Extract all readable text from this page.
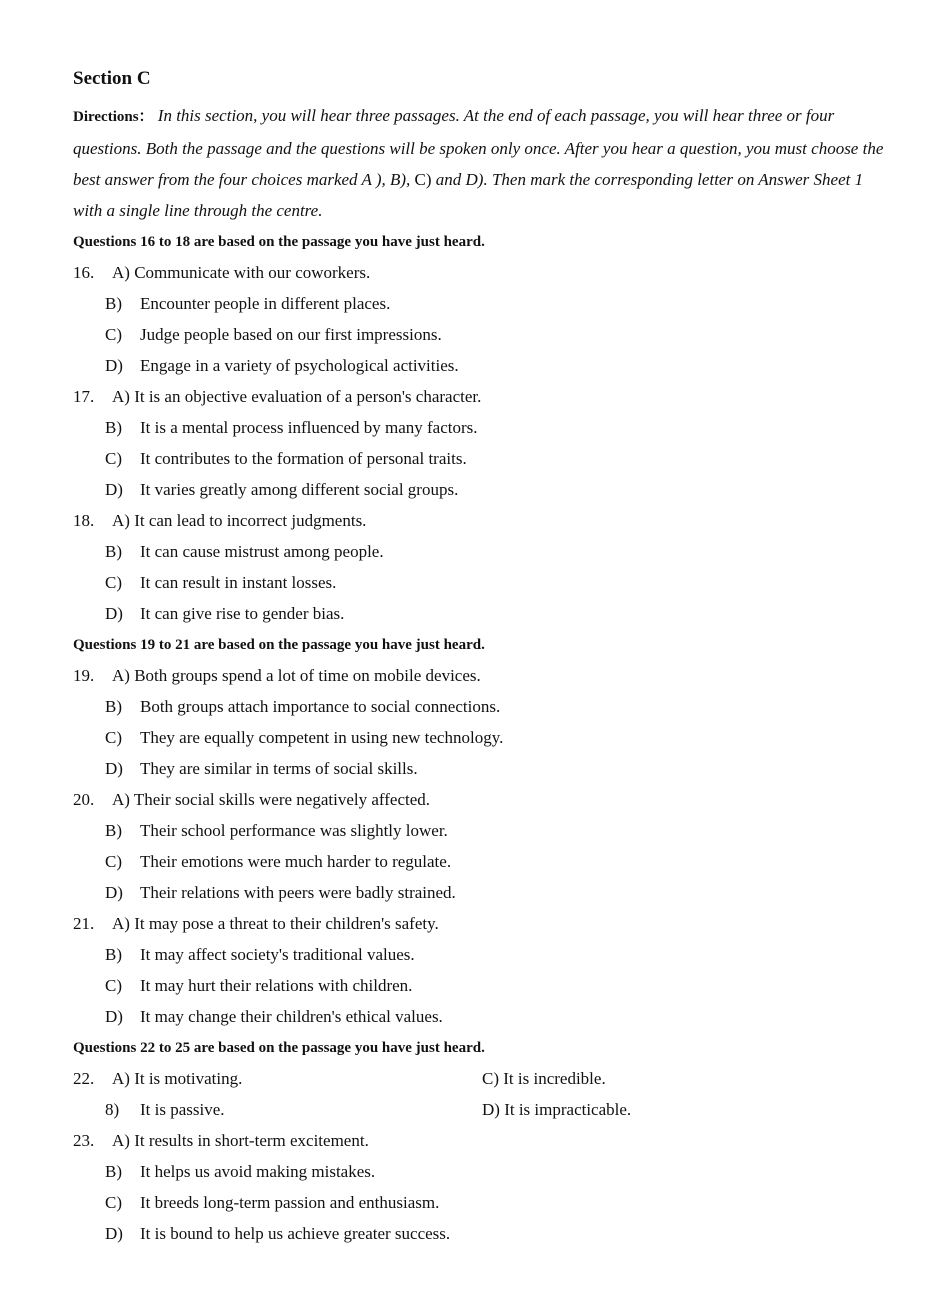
Section C

Directions： In this section, you will hear three passages. At the end of each passage, you will hear three or four questions. Both the passage and the questions will be spoken only once. After you hear a question, you must choose the best answer from the four choices marked A ), B), C) and D). Then mark the corresponding letter on Answer Sheet 1 with a single line through the centre.

Questions 16 to 18 are based on the passage you have just heard.
16. A) Communicate with our coworkers.
B) Encounter people in different places.
C) Judge people based on our first impressions.
D) Engage in a variety of psychological activities.
17. A) It is an objective evaluation of a person's character.
B) It is a mental process influenced by many factors.
C) It contributes to the formation of personal traits.
D) It varies greatly among different social groups.
18. A) It can lead to incorrect judgments.
B) It can cause mistrust among people.
C) It can result in instant losses.
D) It can give rise to gender bias.
Questions 19 to 21 are based on the passage you have just heard.
19. A) Both groups spend a lot of time on mobile devices.
B) Both groups attach importance to social connections.
C) They are equally competent in using new technology.
D) They are similar in terms of social skills.
20. A) Their social skills were negatively affected.
B) Their school performance was slightly lower.
C) Their emotions were much harder to regulate.
D) Their relations with peers were badly strained.
21. A) It may pose a threat to their children's safety.
B) It may affect society's traditional values.
C) It may hurt their relations with children.
D) It may change their children's ethical values.
Questions 22 to 25 are based on the passage you have just heard.
22. A) It is motivating.	C) It is incredible.
8) It is passive.	D) It is impracticable.
23. A) It results in short-term excitement.
B) It helps us avoid making mistakes.
C) It breeds long-term passion and enthusiasm.
D) It is bound to help us achieve greater success.
